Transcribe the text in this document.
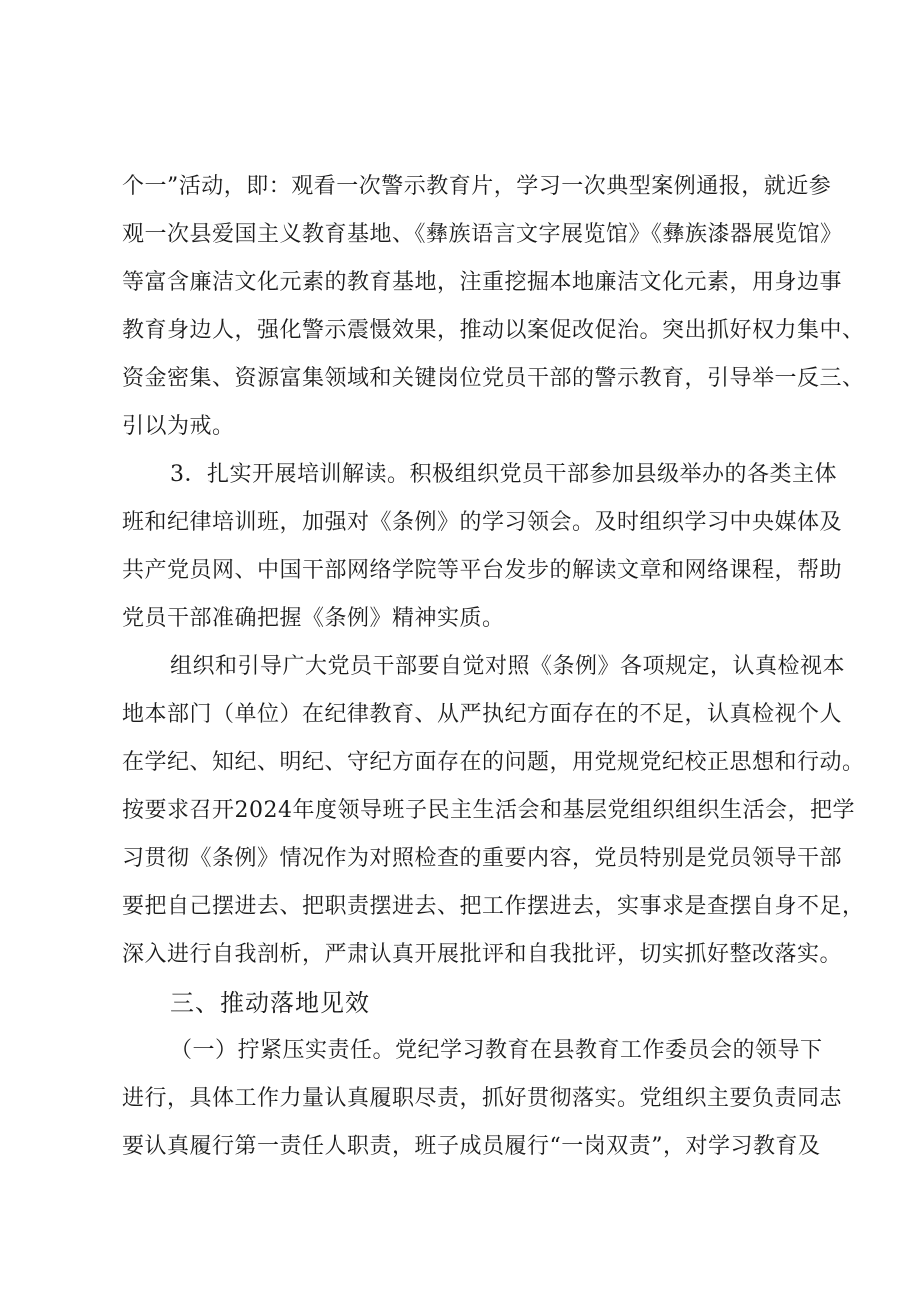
个一”活动，即：观看一次警示教育片，学习一次典型案例通报，就近参
观一次县爱国主义教育基地、《彝族语言文字展览馆》《彝族漆器展览馆》
等富含廉洁文化元素的教育基地，注重挖掘本地廉洁文化元素，用身边事
教育身边人，强化警示震慑效果，推动以案促改促治。突出抓好权力集中、
资金密集、资源富集领域和关键岗位党员干部的警示教育，引导举一反三、
引以为戒。
3．扎实开展培训解读。积极组织党员干部参加县级举办的各类主体
班和纪律培训班，加强对《条例》的学习领会。及时组织学习中央媒体及
共产党员网、中国干部网络学院等平台发步的解读文章和网络课程，帮助
党员干部准确把握《条例》精神实质。
组织和引导广大党员干部要自觉对照《条例》各项规定，认真检视本
地本部门（单位）在纪律教育、从严执纪方面存在的不足，认真检视个人
在学纪、知纪、明纪、守纪方面存在的问题，用党规党纪校正思想和行动。
按要求召开2024年度领导班子民主生活会和基层党组织组织生活会，把学
习贯彻《条例》情况作为对照检查的重要内容，党员特别是党员领导干部
要把自己摆进去、把职责摆进去、把工作摆进去，实事求是查摆自身不足，
深入进行自我剖析，严肃认真开展批评和自我批评，切实抓好整改落实。
三、推动落地见效
（一）拧紧压实责任。党纪学习教育在县教育工作委员会的领导下
进行，具体工作力量认真履职尽责，抓好贯彻落实。党组织主要负责同志
要认真履行第一责任人职责，班子成员履行“一岗双责”，对学习教育及
